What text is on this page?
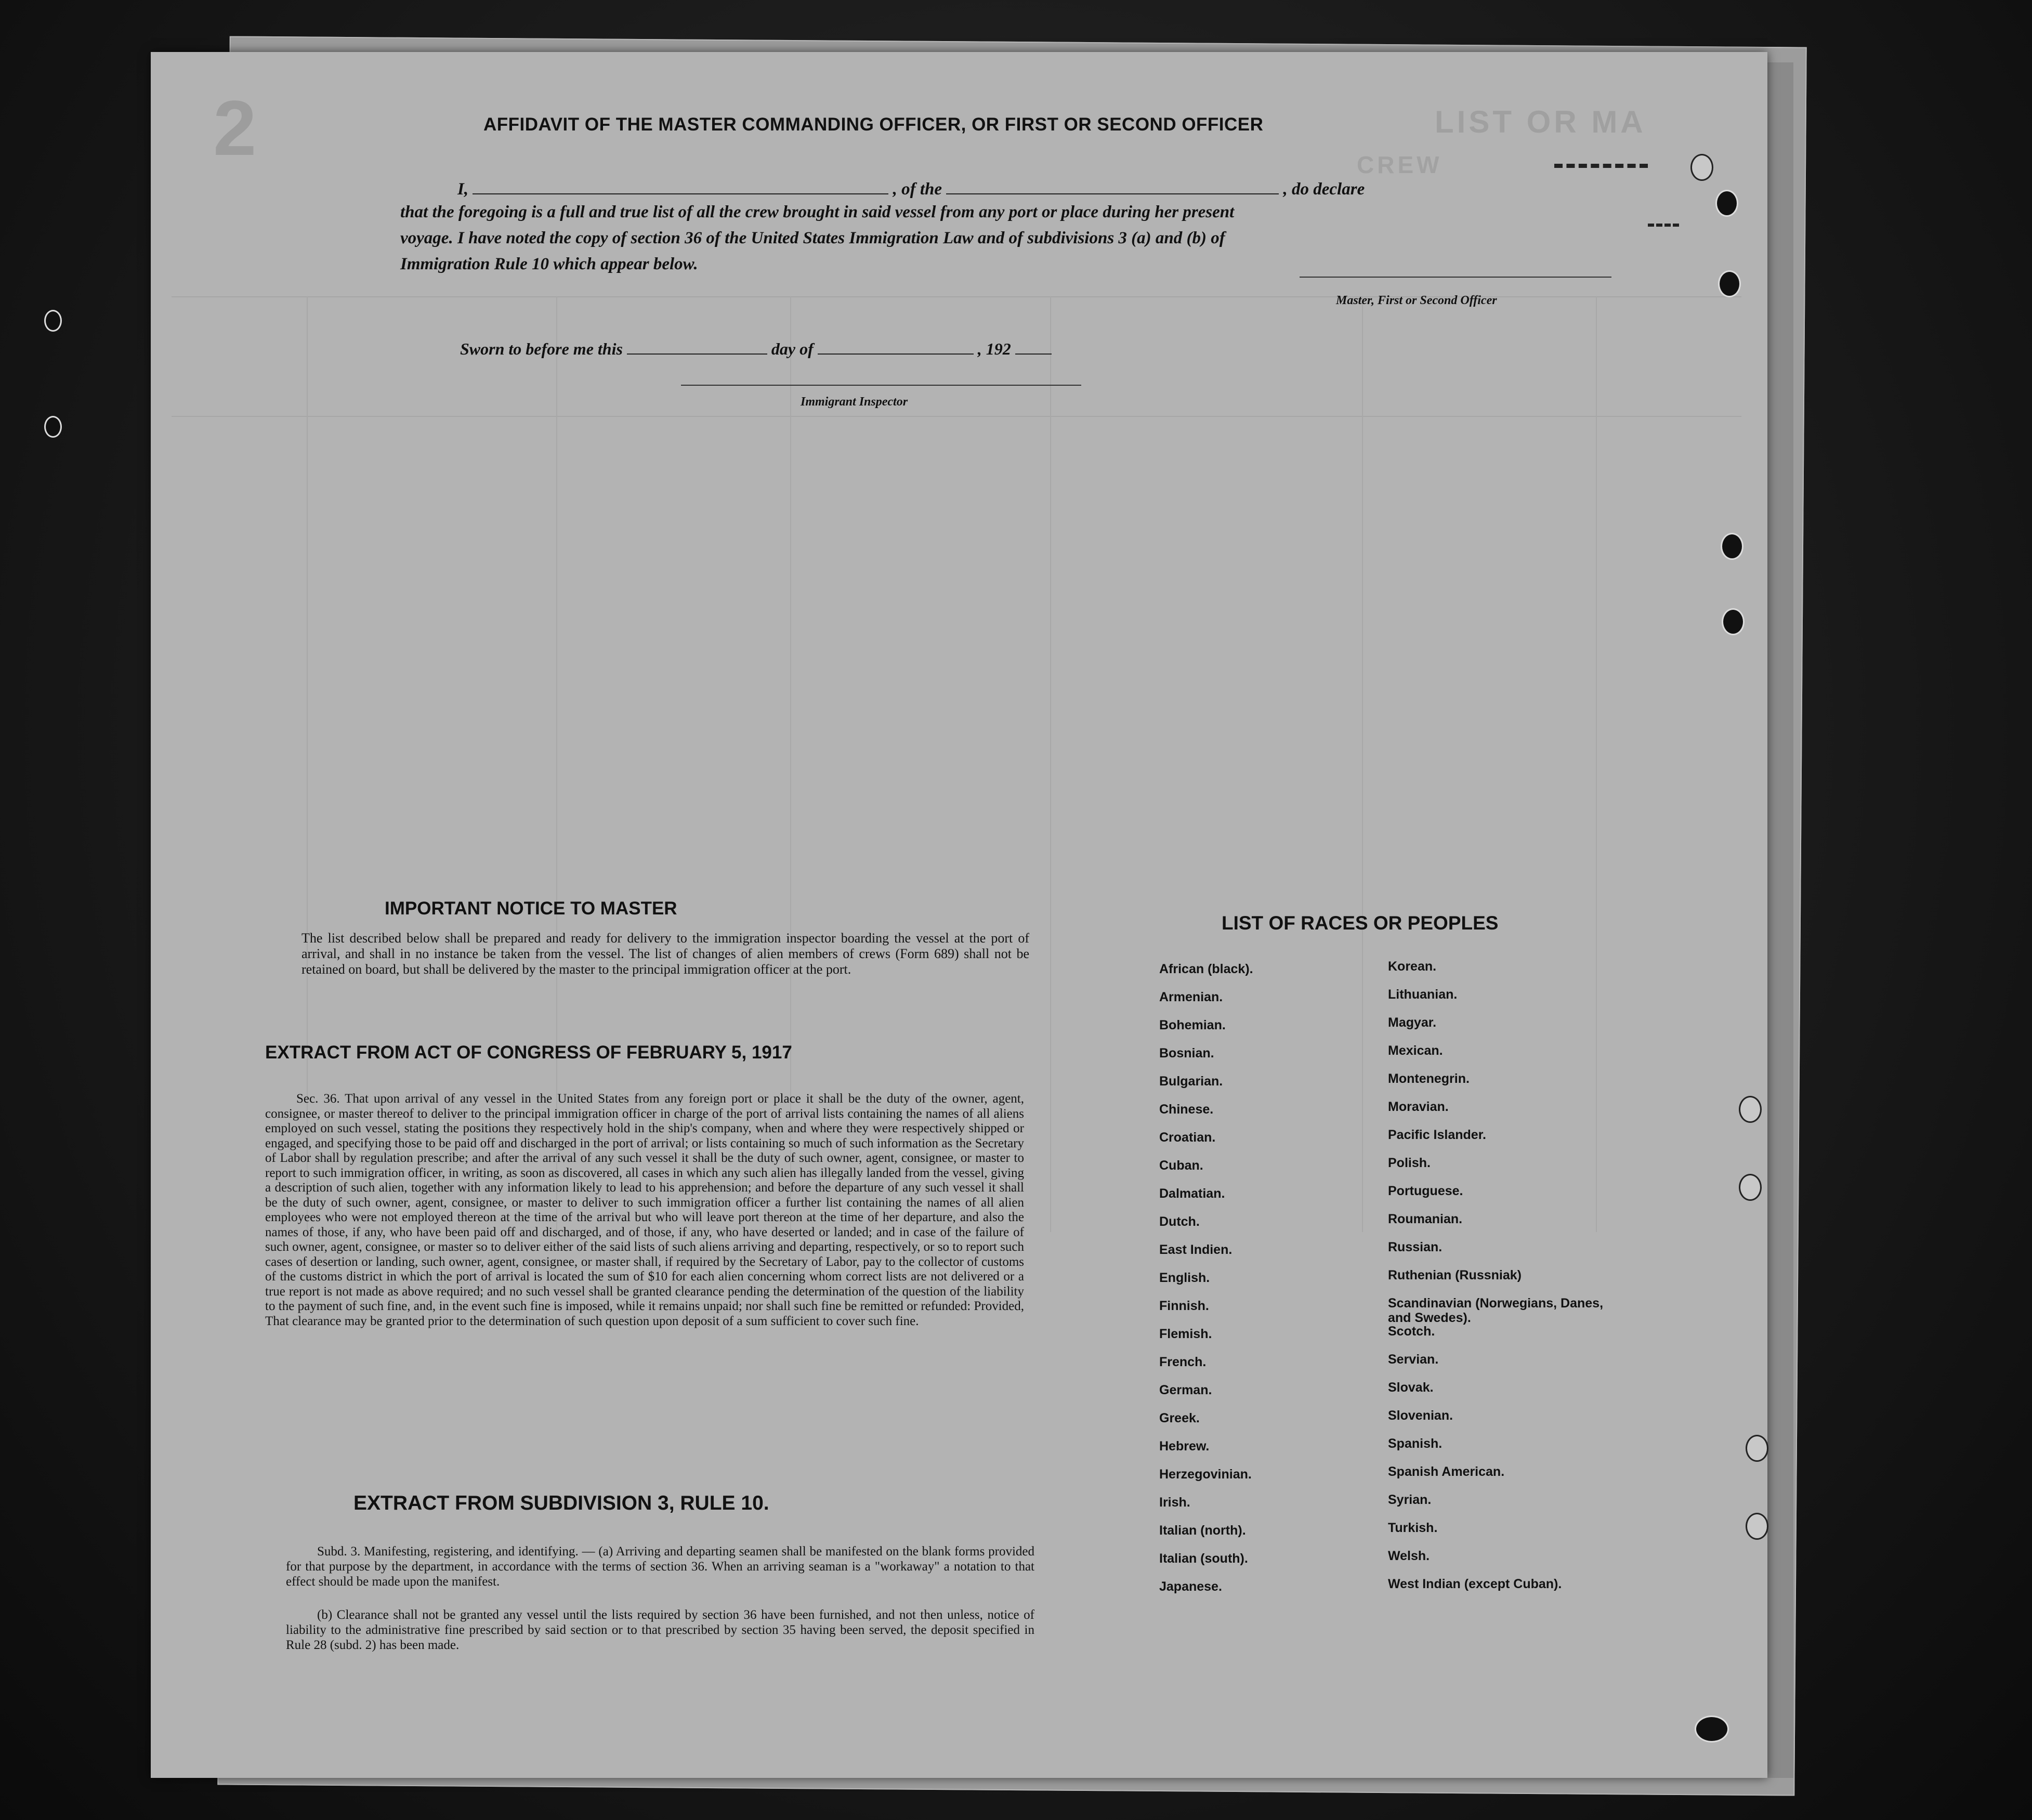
2	LIST OR MA
CREW
AFFIDAVIT OF THE MASTER COMMANDING OFFICER, OR FIRST OR SECOND OFFICER
I,	, of the	, do declare
that the foregoing is a full and true list of all the crew brought in said vessel from any port or place during her present
voyage. I have noted the copy of section 36 of the United States Immigration Law and of subdivisions 3 (a) and (b) of
Immigration Rule 10 which appear below.
Master, First or Second Officer
Sworn to before me this	day of	, 192
Immigrant Inspector
IMPORTANT NOTICE TO MASTER
The list described below shall be prepared and ready for delivery to the immigration inspector boarding the vessel at the port of arrival, and shall in no instance be taken from the vessel. The list of changes of alien members of crews (Form 689) shall not be retained on board, but shall be delivered by the master to the principal immigration officer at the port.
EXTRACT FROM ACT OF CONGRESS OF FEBRUARY 5, 1917
Sec. 36. That upon arrival of any vessel in the United States from any foreign port or place it shall be the duty of the owner, agent, consignee, or master thereof to deliver to the principal immigration officer in charge of the port of arrival lists containing the names of all aliens employed on such vessel, stating the positions they respectively hold in the ship's company, when and where they were respectively shipped or engaged, and specifying those to be paid off and discharged in the port of arrival; or lists containing so much of such information as the Secretary of Labor shall by regulation prescribe; and after the arrival of any such vessel it shall be the duty of such owner, agent, consignee, or master to report to such immigration officer, in writing, as soon as discovered, all cases in which any such alien has illegally landed from the vessel, giving a description of such alien, together with any information likely to lead to his apprehension; and before the departure of any such vessel it shall be the duty of such owner, agent, consignee, or master to deliver to such immigration officer a further list containing the names of all alien employees who were not employed thereon at the time of the arrival but who will leave port thereon at the time of her departure, and also the names of those, if any, who have been paid off and discharged, and of those, if any, who have deserted or landed; and in case of the failure of such owner, agent, consignee, or master so to deliver either of the said lists of such aliens arriving and departing, respectively, or so to report such cases of desertion or landing, such owner, agent, consignee, or master shall, if required by the Secretary of Labor, pay to the collector of customs of the customs district in which the port of arrival is located the sum of $10 for each alien concerning whom correct lists are not delivered or a true report is not made as above required; and no such vessel shall be granted clearance pending the determination of the question of the liability to the payment of such fine, and, in the event such fine is imposed, while it remains unpaid; nor shall such fine be remitted or refunded: Provided, That clearance may be granted prior to the determination of such question upon deposit of a sum sufficient to cover such fine.
EXTRACT FROM SUBDIVISION 3, RULE 10.
Subd. 3. Manifesting, registering, and identifying. — (a) Arriving and departing seamen shall be manifested on the blank forms provided for that purpose by the department, in accordance with the terms of section 36. When an arriving seaman is a "workaway" a notation to that effect should be made upon the manifest.
(b) Clearance shall not be granted any vessel until the lists required by section 36 have been furnished, and not then unless, notice of liability to the administrative fine prescribed by said section or to that prescribed by section 35 having been served, the deposit specified in Rule 28 (subd. 2) has been made.
LIST OF RACES OR PEOPLES
African (black).
Armenian.
Bohemian.
Bosnian.
Bulgarian.
Chinese.
Croatian.
Cuban.
Dalmatian.
Dutch.
East Indien.
English.
Finnish.
Flemish.
French.
German.
Greek.
Hebrew.
Herzegovinian.
Irish.
Italian (north).
Italian (south).
Japanese.
Korean.
Lithuanian.
Magyar.
Mexican.
Montenegrin.
Moravian.
Pacific Islander.
Polish.
Portuguese.
Roumanian.
Russian.
Ruthenian (Russniak)
Scandinavian (Norwegians, Danes, and Swedes).
Scotch.
Servian.
Slovak.
Slovenian.
Spanish.
Spanish American.
Syrian.
Turkish.
Welsh.
West Indian (except Cuban).
